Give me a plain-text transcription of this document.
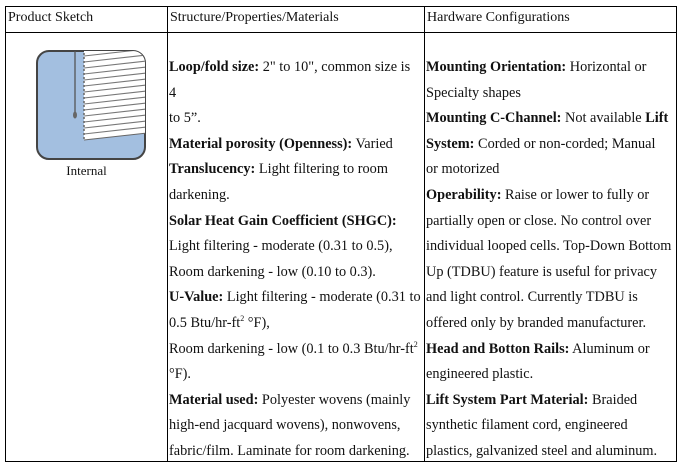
Product Sketch	Structure/Properties/Materials	Hardware Configurations
Internal
Loop/fold size: 2" to 10", common size is
4
to 5”.
Material porosity (Openness): Varied
Translucency: Light filtering to room
darkening.
Solar Heat Gain Coefficient (SHGC):
Light filtering - moderate (0.31 to 0.5),
Room darkening - low (0.10 to 0.3).
U-Value: Light filtering - moderate (0.31 to
0.5 Btu/$hr-ft^2$ °F),
Room darkening - low (0.1 to 0.3 Btu/$hr-ft^2$
°F).
Material used: Polyester wovens (mainly
high-end jacquard wovens), nonwovens,
fabric/film. Laminate for room darkening.
Mounting Orientation: Horizontal or
Specialty shapes
Mounting C-Channel: Not available Lift
System: Corded or non-corded; Manual
or motorized
Operability: Raise or lower to fully or
partially open or close. No control over
individual looped cells. Top-Down Bottom
Up (TDBU) feature is useful for privacy
and light control. Currently TDBU is
offered only by branded manufacturer.
Head and Botton Rails: Aluminum or
engineered plastic.
Lift System Part Material: Braided
synthetic filament cord, engineered
plastics, galvanized steel and aluminum.
